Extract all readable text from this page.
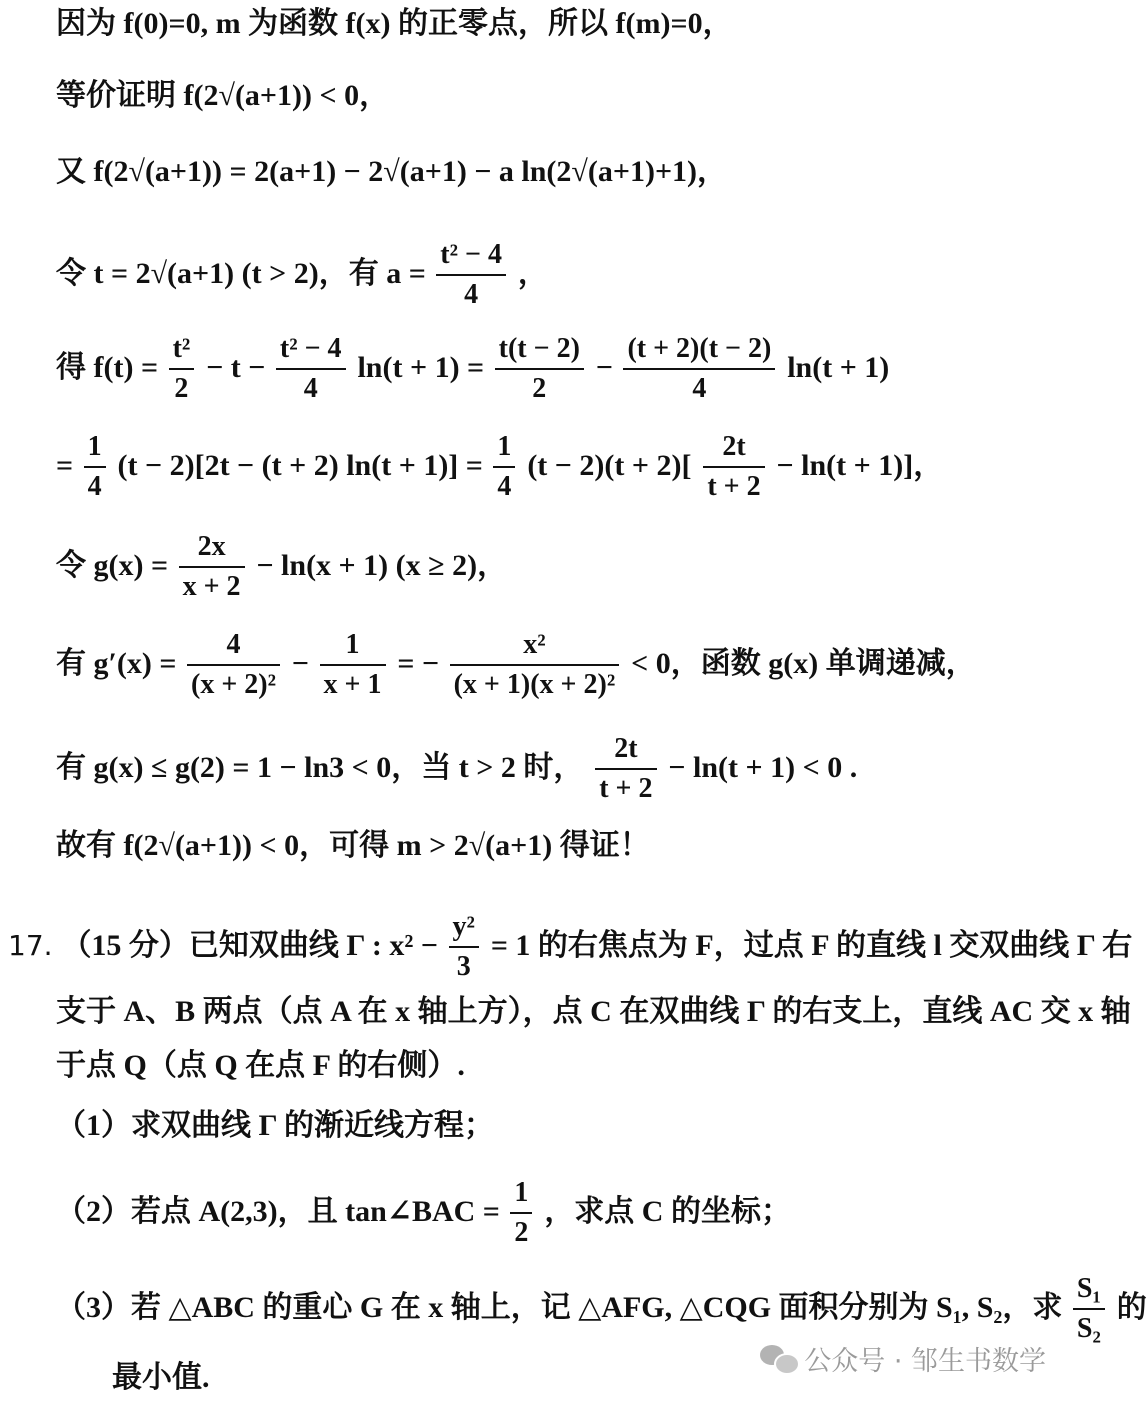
因为 f(0)=0, m 为函数 f(x) 的正零点，所以 f(m)=0，
等价证明 f(2√(a+1)) < 0，
又 f(2√(a+1)) = 2(a+1) − 2√(a+1) − a ln(2√(a+1)+1)，
令 t = 2√(a+1) (t > 2)，有 $a = \frac{\text{t² − 4}}{4}$ ，
得 $f(t) = \frac{\text{t²}}{2} - t - \frac{\text{t² − 4}}{4} \ln(t + 1) = \frac{t(t - 2)}{2} - \frac{(t + 2)(t - 2)}{4} \ln(t + 1)$
= $\frac{1}{4} (t - 2)[2t - (t + 2) \ln(t + 1)] = \frac{1}{4} (t - 2)(t + 2)[ \frac{2t}{t + 2} - \ln(t + 1)]$，
令 $g(x) = \frac{2x}{x + 2} - \ln(x + 1) (x \ge 2)$，
有 $g'(x) = \frac{4}{\text{(x + 2)²}} - \frac{1}{x + 1}$ = − $\frac{\text{x²}}{\text{(x + 1)(x + 2)²}} < 0$，函数 g(x) 单调递减，
有 g(x) ≤ g(2) = 1 − ln3 < 0，当 t > 2 时， $\frac{2t}{t + 2} - \ln(t + 1) < 0$ .
故有 f(2√(a+1)) < 0，可得 m > 2√(a+1) 得证！
17. （15 分）已知双曲线 Γ : $x^2 - \frac{\text{y²}}{3} = 1$ 的右焦点为 F，过点 F 的直线 l 交双曲线 Γ 右
支于 A、B 两点（点 A 在 x 轴上方），点 C 在双曲线 Γ 的右支上，直线 AC 交 x 轴
于点 Q（点 Q 在点 F 的右侧）.
（1）求双曲线 Γ 的渐近线方程；
（2）若点 A(2,3)，且 tan∠BAC = $\frac{1}{2}$ ，求点 C 的坐标；
（3）若 △ABC 的重心 G 在 x 轴上，记 △AFG, △CQG 面积分别为 S₁, S₂，求 $\frac{\text{S₁}}{\text{S₂}}$ 的
最小值.	公众号 · 邹生书数学
